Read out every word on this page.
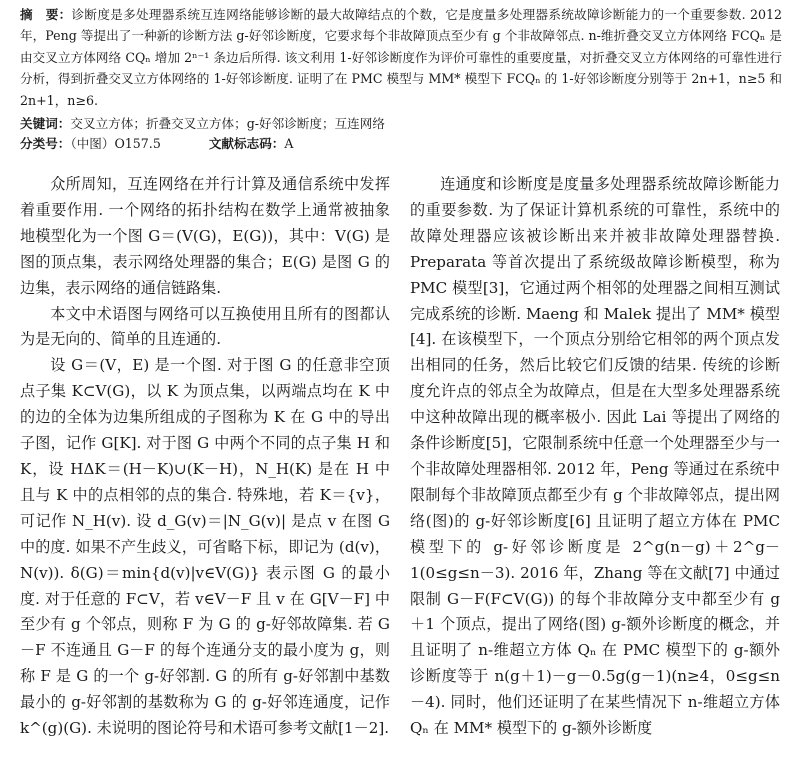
摘　要：诊断度是多处理器系统互连网络能够诊断的最大故障结点的个数，它是度量多处理器系统故障诊断能力的一个重要参数. 2012 年，Peng 等提出了一种新的诊断方法 g-好邻诊断度，它要求每个非故障顶点至少有 g 个非故障邻点. n-维折叠交叉立方体网络 FCQₙ 是由交叉立方体网络 CQₙ 增加 2ⁿ⁻¹ 条边后所得. 该文利用 1-好邻诊断度作为评价可靠性的重要度量，对折叠交叉立方体网络的可靠性进行分析，得到折叠交叉立方体网络的 1-好邻诊断度. 证明了在 PMC 模型与 MM* 模型下 FCQₙ 的 1-好邻诊断度分别等于 2n+1，n≥5 和 2n+1，n≥6.

关键词：交叉立方体；折叠交叉立方体；g-好邻诊断度；互连网络
分类号：（中图）O157.5	文献标志码：A

众所周知，互连网络在并行计算及通信系统中发挥着重要作用. 一个网络的拓扑结构在数学上通常被抽象地模型化为一个图 G＝(V(G)，E(G))，其中：V(G) 是图的顶点集，表示网络处理器的集合；E(G) 是图 G 的边集，表示网络的通信链路集.

本文中术语图与网络可以互换使用且所有的图都认为是无向的、简单的且连通的.

设 G＝(V，E) 是一个图. 对于图 G 的任意非空顶点子集 K⊂V(G)，以 K 为顶点集，以两端点均在 K 中的边的全体为边集所组成的子图称为 K 在 G 中的导出子图，记作 G[K]. 对于图 G 中两个不同的点子集 H 和 K，设 HΔK＝(H－K)∪(K－H)，N_H(K) 是在 H 中且与 K 中的点相邻的点的集合. 特殊地，若 K＝{v}，可记作 N_H(v). 设 d_G(v)＝|N_G(v)| 是点 v 在图 G 中的度. 如果不产生歧义，可省略下标，即记为 (d(v)，N(v)). δ(G)＝min{d(v)|v∈V(G)} 表示图 G 的最小度. 对于任意的 F⊂V，若 v∈V－F 且 v 在 G[V－F] 中至少有 g 个邻点，则称 F 为 G 的 g-好邻故障集. 若 G－F 不连通且 G－F 的每个连通分支的最小度为 g，则称 F 是 G 的一个 g-好邻割. G 的所有 g-好邻割中基数最小的 g-好邻割的基数称为 G 的 g-好邻连通度，记作 k^(g)(G). 未说明的图论符号和术语可参考文献[1－2].

连通度和诊断度是度量多处理器系统故障诊断能力的重要参数. 为了保证计算机系统的可靠性，系统中的故障处理器应该被诊断出来并被非故障处理器替换. Preparata 等首次提出了系统级故障诊断模型，称为 PMC 模型[3]，它通过两个相邻的处理器之间相互测试完成系统的诊断. Maeng 和 Malek 提出了 MM* 模型[4]. 在该模型下，一个顶点分别给它相邻的两个顶点发出相同的任务，然后比较它们反馈的结果. 传统的诊断度允许点的邻点全为故障点，但是在大型多处理器系统中这种故障出现的概率极小. 因此 Lai 等提出了网络的条件诊断度[5]，它限制系统中任意一个处理器至少与一个非故障处理器相邻. 2012 年，Peng 等通过在系统中限制每个非故障顶点都至少有 g 个非故障邻点，提出网络(图)的 g-好邻诊断度[6] 且证明了超立方体在 PMC 模型下的 g-好邻诊断度是 2^g(n－g)＋2^g－1(0≤g≤n－3). 2016 年，Zhang 等在文献[7] 中通过限制 G－F(F⊂V(G)) 的每个非故障分支中都至少有 g＋1 个顶点，提出了网络(图) g-额外诊断度的概念，并且证明了 n-维超立方体 Qₙ 在 PMC 模型下的 g-额外诊断度等于 n(g＋1)－g－0.5g(g－1)(n≥4，0≤g≤n－4). 同时，他们还证明了在某些情况下 n-维超立方体 Qₙ 在 MM* 模型下的 g-额外诊断度
